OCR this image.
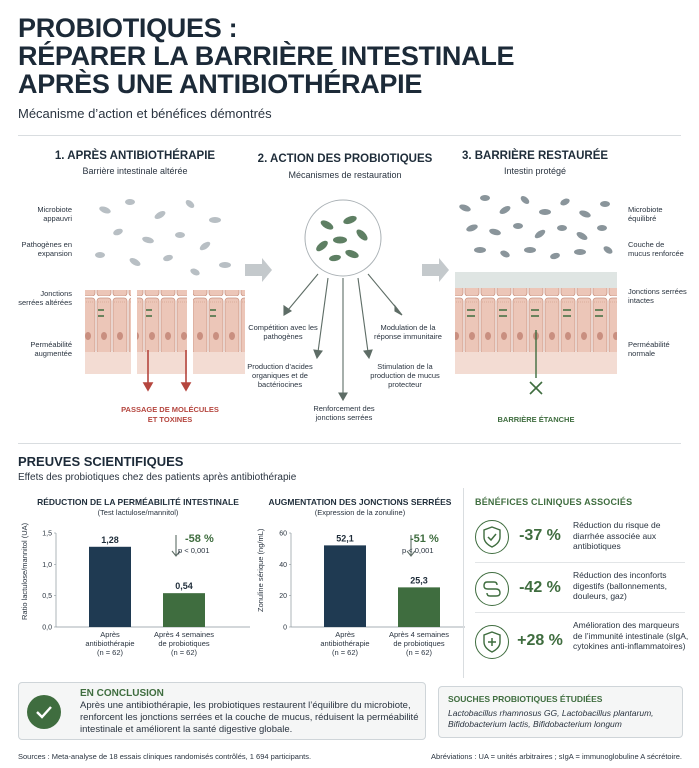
PROBIOTIQUES :
RÉPARER LA BARRIÈRE INTESTINALE
APRÈS UNE ANTIBIOTHÉRAPIE
Mécanisme d’action et bénéfices démontrés
1. APRÈS ANTIBIOTHÉRAPIE
Barrière intestinale altérée
2. ACTION DES PROBIOTIQUES
Mécanismes de restauration
3. BARRIÈRE RESTAURÉE
Intestin protégé
Microbiote appauvri
Pathogènes en expansion
Jonctions serrées altérées
Perméabilité augmentée
PASSAGE DE MOLÉCULES
ET TOXINES
Compétition avec les pathogènes
Modulation de la réponse immunitaire
Production d’acides organiques et de bactériocines
Stimulation de la production de mucus protecteur
Renforcement des jonctions serrées
Microbiote équilibré
Couche de mucus renforcée
Jonctions serrées intactes
Perméabilité normale
BARRIÈRE ÉTANCHE
PREUVES SCIENTIFIQUES
Effets des probiotiques chez des patients après antibiothérapie
RÉDUCTION DE LA PERMÉABILITÉ INTESTINALE
(Test lactulose/mannitol)
Ratio lactulose/mannitol (UA) 1,5
1,0
0,5
0,0
1,28
Après antibiothérapie (n = 62)
0,54
Après 4 semaines de probiotiques (n = 62)
-58 %
p < 0,001
AUGMENTATION DES JONCTIONS SERRÉES
(Expression de la zonuline)
Zonuline sérique (ng/mL) 60
40
20
0
52,1
Après antibiothérapie (n = 62)
25,3
Après 4 semaines de probiotiques (n = 62)
-51 %
p < 0,001
BÉNÉFICES CLINIQUES ASSOCIÉS
-37 %
Réduction du risque de diarrhée associée aux antibiotiques
-42 %
Réduction des inconforts digestifs (ballonnements, douleurs, gaz)
+28 %
Amélioration des marqueurs de l’immunité intestinale (sIgA, cytokines anti-inflammatoires)
EN CONCLUSION
Après une antibiothérapie, les probiotiques restaurent l’équilibre du microbiote, renforcent les jonctions serrées et la couche de mucus, réduisent la perméabilité intestinale et améliorent la santé digestive globale.
SOUCHES PROBIOTIQUES ÉTUDIÉES
Lactobacillus rhamnosus GG, Lactobacillus plantarum, Bifidobacterium lactis, Bifidobacterium longum
Sources : Meta-analyse de 18 essais cliniques randomisés contrôlés, 1 694 participants.	Abréviations : UA = unités arbitraires ; sIgA = immunoglobuline A sécrétoire.
